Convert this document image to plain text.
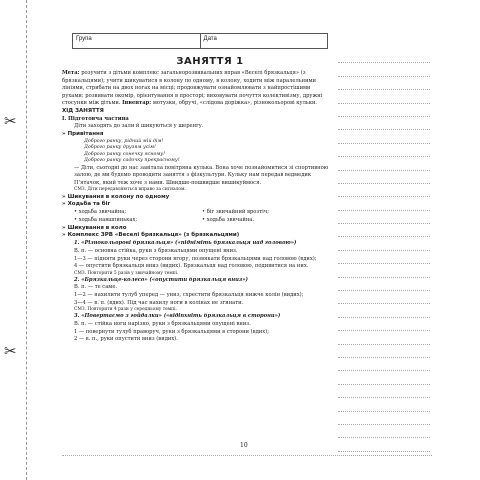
✂
✂
Група	Дата
ЗАНЯТТЯ 1

Мета: розучити з дітьми комплекс загальнорозвивальних вправ «Веселі брязкальця» (з брязкальцями); учити шикуватися в колону по одному, в колону, ходити між паралельними лініями, стрибати на двох ногах на місці; продовжувати ознайомлювати з найпростішими рухами; розвивати окомір, орієнтування в просторі; виховувати почуття колективізму, дружні стосунки між дітьми. Інвентар: мотузки, обручі, «слідова доріжка», різнокольорові кульки.

ХІД ЗАНЯТТЯ

I. Підготовча частина

Діти заходять до зали й шикуються у шеренгу.

» Привітання

Доброго ранку, рідний мій дім!

Доброго ранку друзям усім!

Доброго ранку сонечку ясному!

Доброго ранку садочку прекрасному!

— Діти, сьогодні до нас завітала повітряна кулька. Вона хоче познайомитися зі спортивною залою, де ми будемо проводити заняття з фізкультури. Кульку нам передав ведмедик Пʼятачок, який теж хоче з нами. Швидше-пошвидше вишикуймося.

СМЗ. Діти передавляються вправо за сигналом.

» Шикування в колону по одному

» Ходьба та біг

• ходьба звичайна;

• ходьба навшпиньках;

• біг звичайний врозтіч;

• ходьба звичайна.

» Шикування в коло

» Комплекс ЗРВ «Веселі брязкальця» (з брязкальцями)

1. «Різнокольорові брязкальця» («підніміть брязкальця над головою»)

В. п. — основна стійка, руки з брязкальцями опущені вниз.

1—3 — підняти руки через сторони вгору, позвякати брязкальцями над головою (вдих);

4 — опустити брязкальця вниз (видих). Брязкальця над головою, подивитися на них.

СМЗ. Повторити 5 разів у звичайному темпі.

2. «Брязкальце-колесо» («опустити брязкальця вниз»)

В. п. — те саме.

1—2 — нахилити тулуб уперед — униз, схрестити брязкальця нижче колін (видих);

3—4 — в. п. (вдих). Під час нахилу ноги в колінах не згинати.

СМЗ. Повторити 4 рази у середньому темпі.

3. «Повертаємо з гойдалки» («відіпхніть брязкальця в сторони»)

В. п. — стійка ноги нарізно, руки з брязкальцями опущені вниз.

1 — повернути тулуб праворуч, руки з брязкальцями в сторони (вдих);

2 — в. п., руки опустити вниз (видих).

10
